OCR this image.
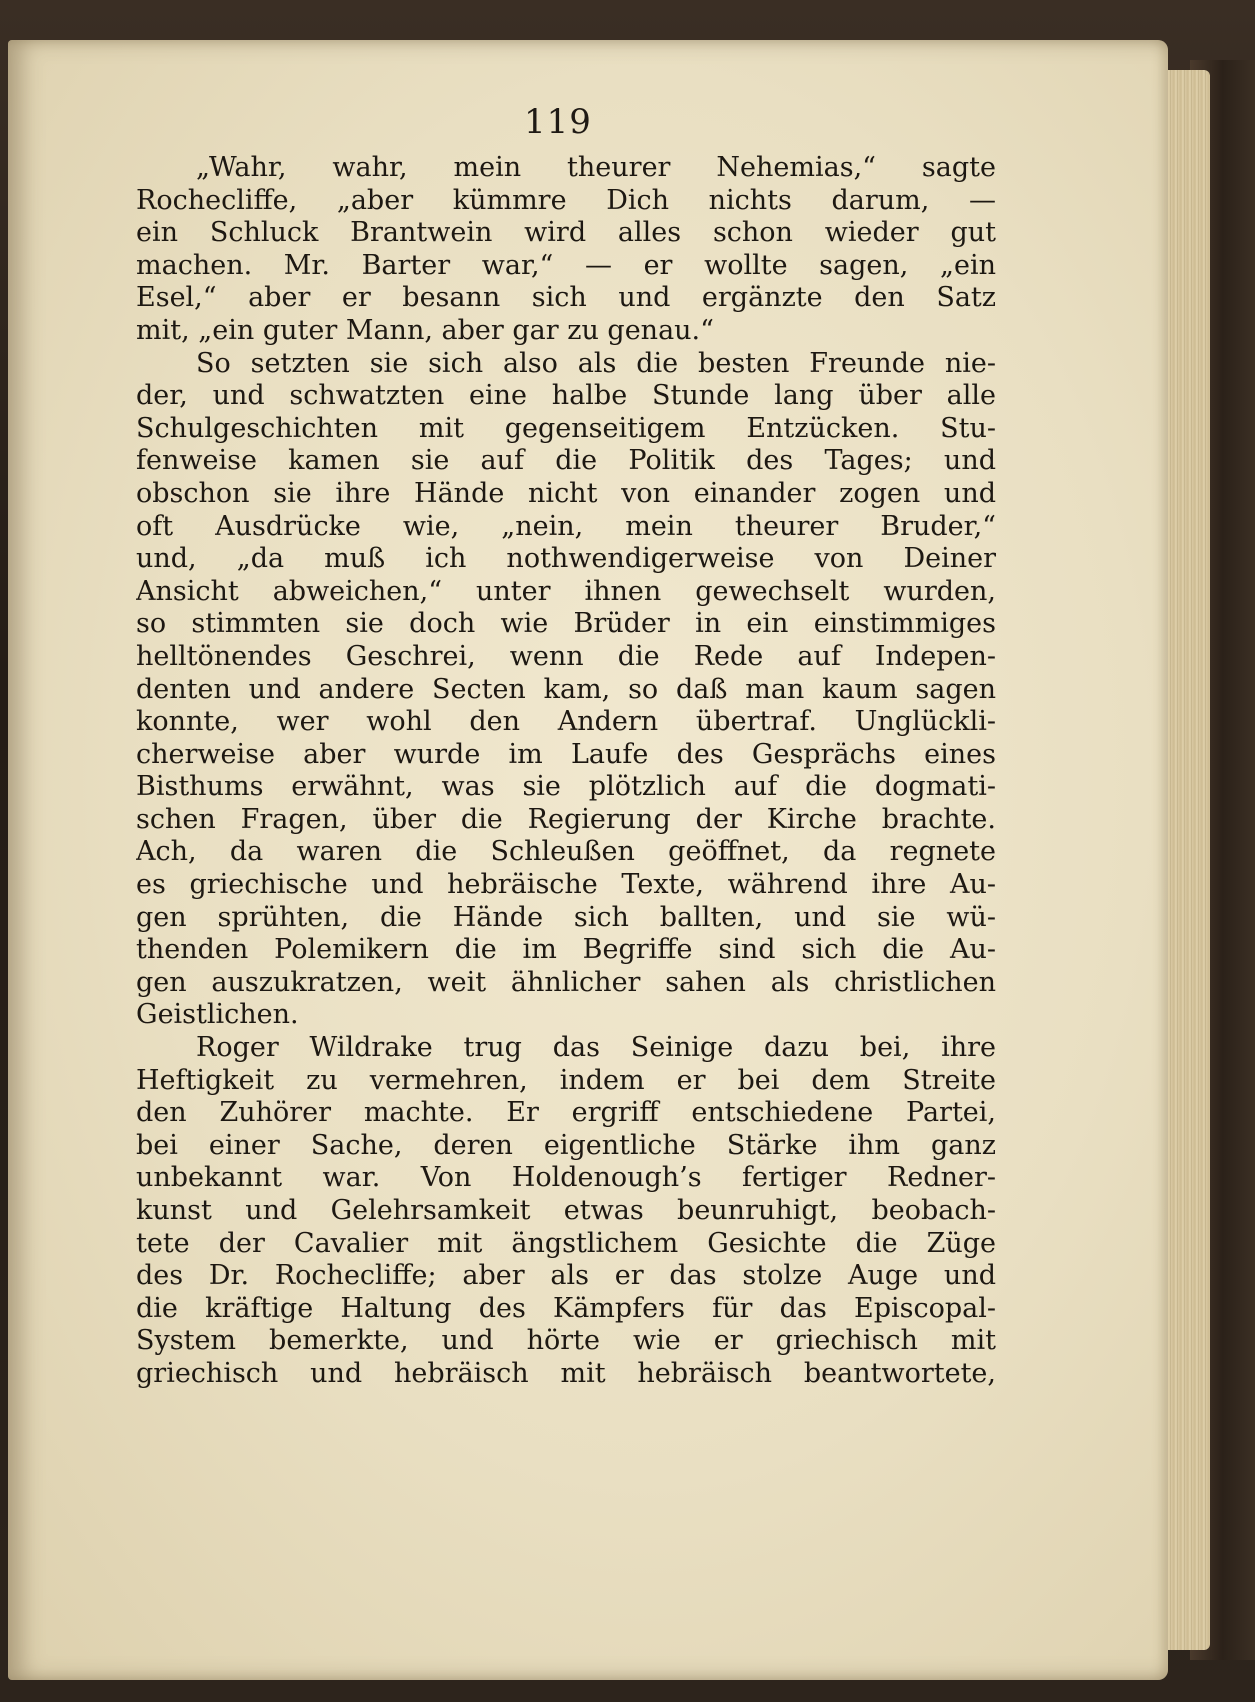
119
„Wahr, wahr, mein theurer Nehemias,“ sagte
Rochecliffe, „aber kümmre Dich nichts darum, —
ein Schluck Brantwein wird alles schon wieder gut
machen. Mr. Barter war,“ — er wollte sagen, „ein
Esel,“ aber er besann sich und ergänzte den Satz
mit, „ein guter Mann, aber gar zu genau.“
So setzten sie sich also als die besten Freunde nie-
der, und schwatzten eine halbe Stunde lang über alle
Schulgeschichten mit gegenseitigem Entzücken. Stu-
fenweise kamen sie auf die Politik des Tages; und
obschon sie ihre Hände nicht von einander zogen und
oft Ausdrücke wie, „nein, mein theurer Bruder,“
und, „da muß ich nothwendigerweise von Deiner
Ansicht abweichen,“ unter ihnen gewechselt wurden,
so stimmten sie doch wie Brüder in ein einstimmiges
helltönendes Geschrei, wenn die Rede auf Indepen-
denten und andere Secten kam, so daß man kaum sagen
konnte, wer wohl den Andern übertraf. Unglückli-
cherweise aber wurde im Laufe des Gesprächs eines
Bisthums erwähnt, was sie plötzlich auf die dogmati-
schen Fragen, über die Regierung der Kirche brachte.
Ach, da waren die Schleußen geöffnet, da regnete
es griechische und hebräische Texte, während ihre Au-
gen sprühten, die Hände sich ballten, und sie wü-
thenden Polemikern die im Begriffe sind sich die Au-
gen auszukratzen, weit ähnlicher sahen als christlichen
Geistlichen.
Roger Wildrake trug das Seinige dazu bei, ihre
Heftigkeit zu vermehren, indem er bei dem Streite
den Zuhörer machte. Er ergriff entschiedene Partei,
bei einer Sache, deren eigentliche Stärke ihm ganz
unbekannt war. Von Holdenough’s fertiger Redner-
kunst und Gelehrsamkeit etwas beunruhigt, beobach-
tete der Cavalier mit ängstlichem Gesichte die Züge
des Dr. Rochecliffe; aber als er das stolze Auge und
die kräftige Haltung des Kämpfers für das Episcopal-
System bemerkte, und hörte wie er griechisch mit
griechisch und hebräisch mit hebräisch beantwortete,
